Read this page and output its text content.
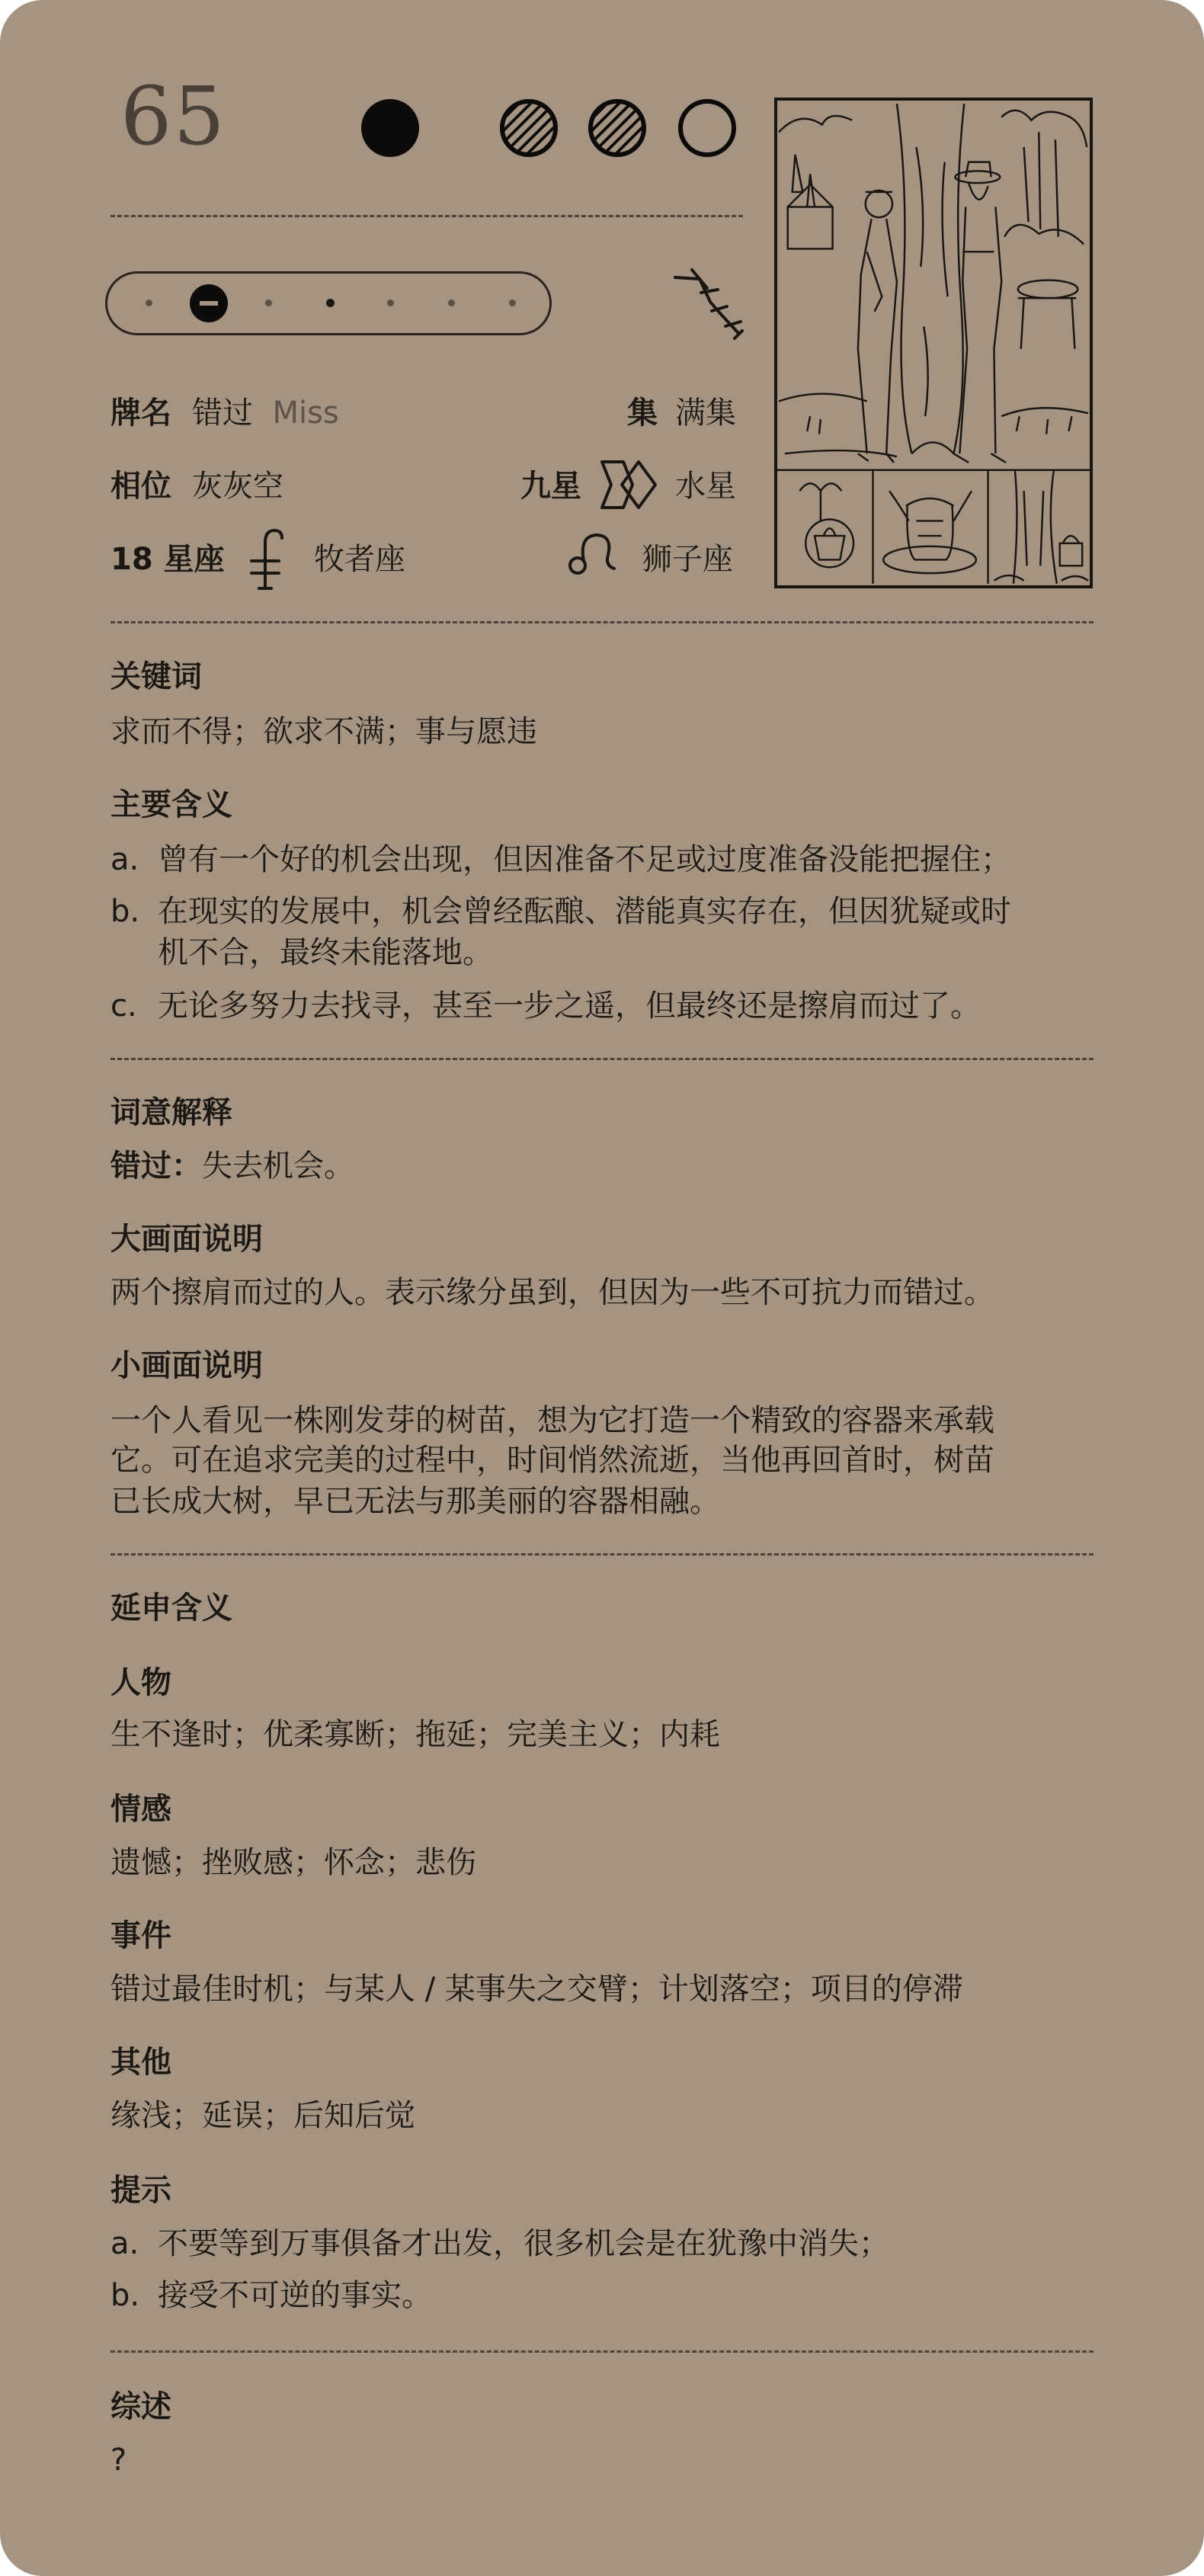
65
牌名 错过 Miss	集 满集
相位 灰灰空	九星	水星
18 星座	牧者座	狮子座
关键词
求而不得；欲求不满；事与愿违
主要含义
a. 曾有一个好的机会出现，但因准备不足或过度准备没能把握住；
b. 在现实的发展中，机会曾经酝酿、潜能真实存在，但因犹疑或时
机不合，最终未能落地。
c. 无论多努力去找寻，甚至一步之遥，但最终还是擦肩而过了。
词意解释
错过：失去机会。
大画面说明
两个擦肩而过的人。表示缘分虽到，但因为一些不可抗力而错过。
小画面说明
一个人看见一株刚发芽的树苗，想为它打造一个精致的容器来承载
它。可在追求完美的过程中，时间悄然流逝，当他再回首时，树苗
已长成大树，早已无法与那美丽的容器相融。
延申含义
人物
生不逢时；优柔寡断；拖延；完美主义；内耗
情感
遗憾；挫败感；怀念；悲伤
事件
错过最佳时机；与某人 / 某事失之交臂；计划落空；项目的停滞
其他
缘浅；延误；后知后觉
提示
a. 不要等到万事俱备才出发，很多机会是在犹豫中消失；
b. 接受不可逆的事实。
综述
?
